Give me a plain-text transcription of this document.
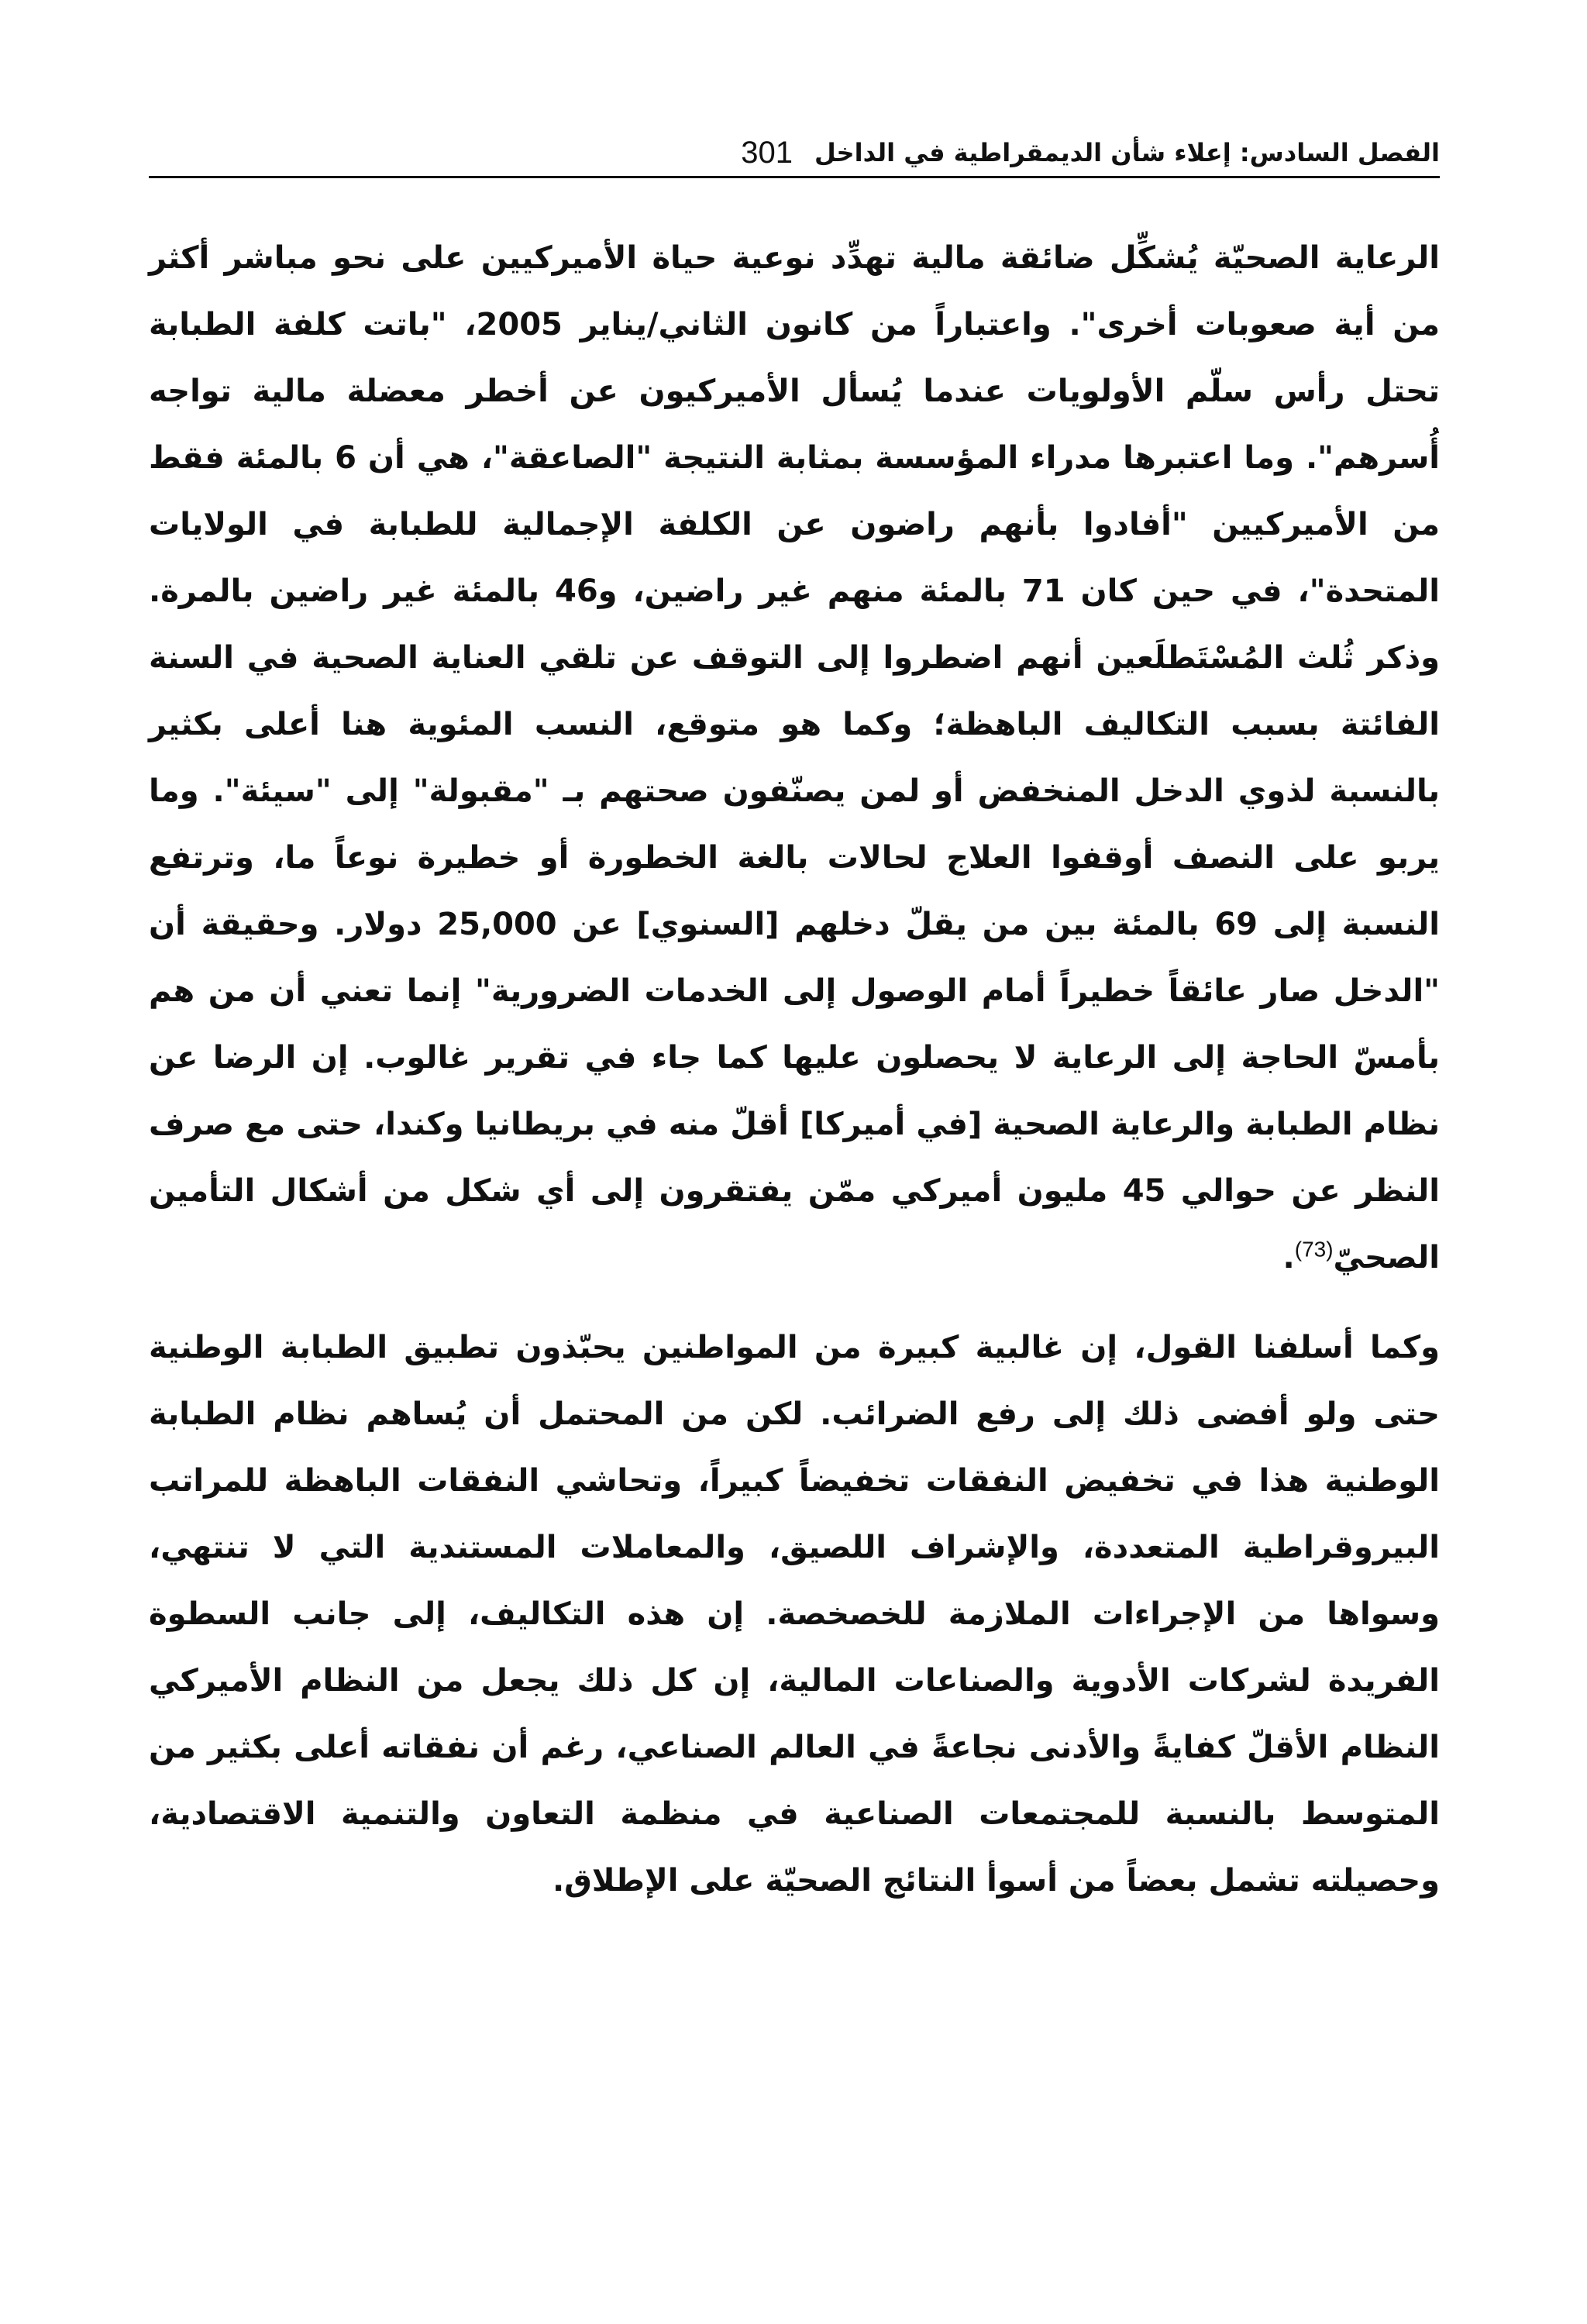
الفصل السادس: إعلاء شأن الديمقراطية في الداخل
301

الرعاية الصحيّة يُشكِّل ضائقة مالية تهدِّد نوعية حياة الأميركيين على نحو مباشر أكثر من أية صعوبات أخرى". واعتباراً من كانون الثاني/يناير 2005، "باتت كلفة الطبابة تحتل رأس سلّم الأولويات عندما يُسأل الأميركيون عن أخطر معضلة مالية تواجه أُسرهم". وما اعتبرها مدراء المؤسسة بمثابة النتيجة "الصاعقة"، هي أن 6 بالمئة فقط من الأميركيين "أفادوا بأنهم راضون عن الكلفة الإجمالية للطبابة في الولايات المتحدة"، في حين كان 71 بالمئة منهم غير راضين، و46 بالمئة غير راضين بالمرة. وذكر ثُلث المُسْتَطلَعين أنهم اضطروا إلى التوقف عن تلقي العناية الصحية في السنة الفائتة بسبب التكاليف الباهظة؛ وكما هو متوقع، النسب المئوية هنا أعلى بكثير بالنسبة لذوي الدخل المنخفض أو لمن يصنّفون صحتهم بـ "مقبولة" إلى "سيئة". وما يربو على النصف أوقفوا العلاج لحالات بالغة الخطورة أو خطيرة نوعاً ما، وترتفع النسبة إلى 69 بالمئة بين من يقلّ دخلهم [السنوي] عن 25,000 دولار. وحقيقة أن "الدخل صار عائقاً خطيراً أمام الوصول إلى الخدمات الضرورية" إنما تعني أن من هم بأمسّ الحاجة إلى الرعاية لا يحصلون عليها كما جاء في تقرير غالوب. إن الرضا عن نظام الطبابة والرعاية الصحية [في أميركا] أقلّ منه في بريطانيا وكندا، حتى مع صرف النظر عن حوالي 45 مليون أميركي ممّن يفتقرون إلى أي شكل من أشكال التأمين الصحيّ$^{(73)}$.

وكما أسلفنا القول، إن غالبية كبيرة من المواطنين يحبّذون تطبيق الطبابة الوطنية حتى ولو أفضى ذلك إلى رفع الضرائب. لكن من المحتمل أن يُساهم نظام الطبابة الوطنية هذا في تخفيض النفقات تخفيضاً كبيراً، وتحاشي النفقات الباهظة للمراتب البيروقراطية المتعددة، والإشراف اللصيق، والمعاملات المستندية التي لا تنتهي، وسواها من الإجراءات الملازمة للخصخصة. إن هذه التكاليف، إلى جانب السطوة الفريدة لشركات الأدوية والصناعات المالية، إن كل ذلك يجعل من النظام الأميركي النظام الأقلّ كفايةً والأدنى نجاعةً في العالم الصناعي، رغم أن نفقاته أعلى بكثير من المتوسط بالنسبة للمجتمعات الصناعية في منظمة التعاون والتنمية الاقتصادية، وحصيلته تشمل بعضاً من أسوأ النتائج الصحيّة على الإطلاق.
